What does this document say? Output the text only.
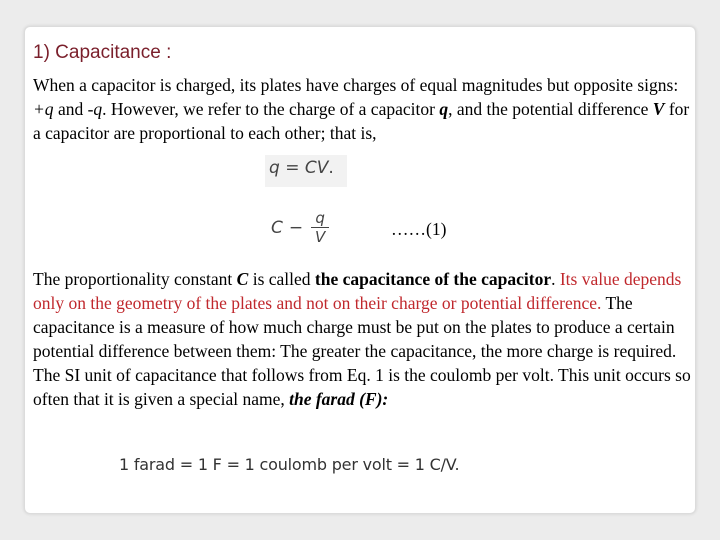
1) Capacitance :
When a capacitor is charged, its plates have charges of equal magnitudes but opposite signs: +q and -q. However, we refer to the charge of a capacitor q, and the potential difference V for a capacitor are proportional to each other; that is,
q = CV.
$C - \frac{q}{V}$	……(1)
The proportionality constant C is called the capacitance of the capacitor. Its value depends only on the geometry of the plates and not on their charge or potential difference. The capacitance is a measure of how much charge must be put on the plates to produce a certain potential difference between them: The greater the capacitance, the more charge is required.
The SI unit of capacitance that follows from Eq. 1 is the coulomb per volt. This unit occurs so often that it is given a special name, the farad (F):
1 farad = 1 F = 1 coulomb per volt = 1 C/V.
